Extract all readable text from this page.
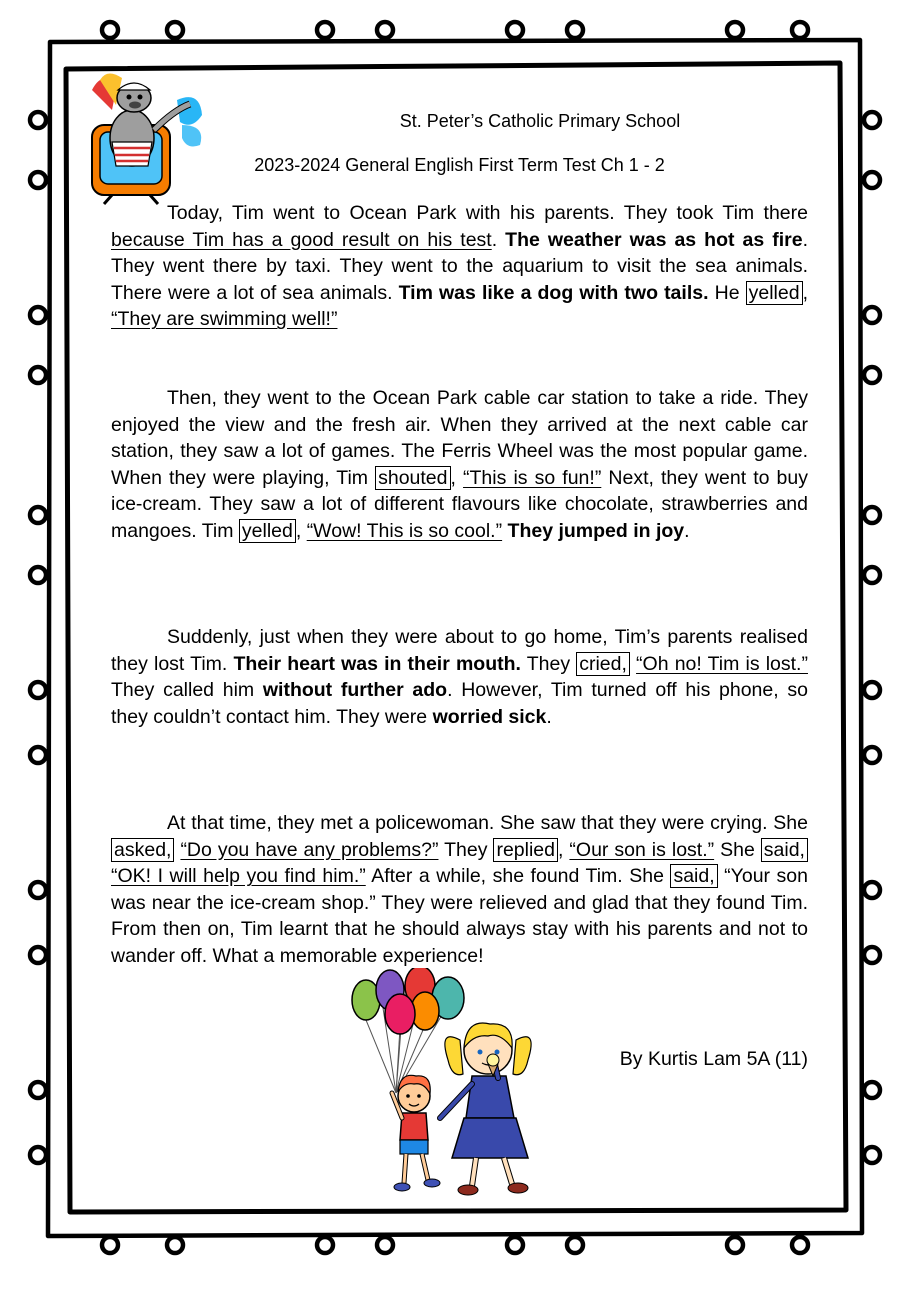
St. Peter’s Catholic Primary School
2023-2024 General English First Term Test Ch 1 - 2

Today, Tim went to Ocean Park with his parents. They took Tim there because Tim has a good result on his test. The weather was as hot as fire. They went there by taxi. They went to the aquarium to visit the sea animals. There were a lot of sea animals. Tim was like a dog with two tails. He yelled , “They are swimming well!”

Then, they went to the Ocean Park cable car station to take a ride. They enjoyed the view and the fresh air. When they arrived at the next cable car station, they saw a lot of games. The Ferris Wheel was the most popular game. When they were playing, Tim shouted , “This is so fun!” Next, they went to buy ice-cream. They saw a lot of different flavours like chocolate, strawberries and mangoes. Tim yelled , “Wow! This is so cool.” They jumped in joy.

Suddenly, just when they were about to go home, Tim’s parents realised they lost Tim. Their heart was in their mouth. They cried, “Oh no! Tim is lost.” They called him without further ado. However, Tim turned off his phone, so they couldn’t contact him. They were worried sick.

At that time, they met a policewoman. She saw that they were crying. She asked, “Do you have any problems?” They replied , “Our son is lost.” She said, “OK! I will help you find him.” After a while, she found Tim. She said, “Your son was near the ice-cream shop.” They were relieved and glad that they found Tim. From then on, Tim learnt that he should always stay with his parents and not to wander off. What a memorable experience!

By Kurtis Lam 5A (11)
